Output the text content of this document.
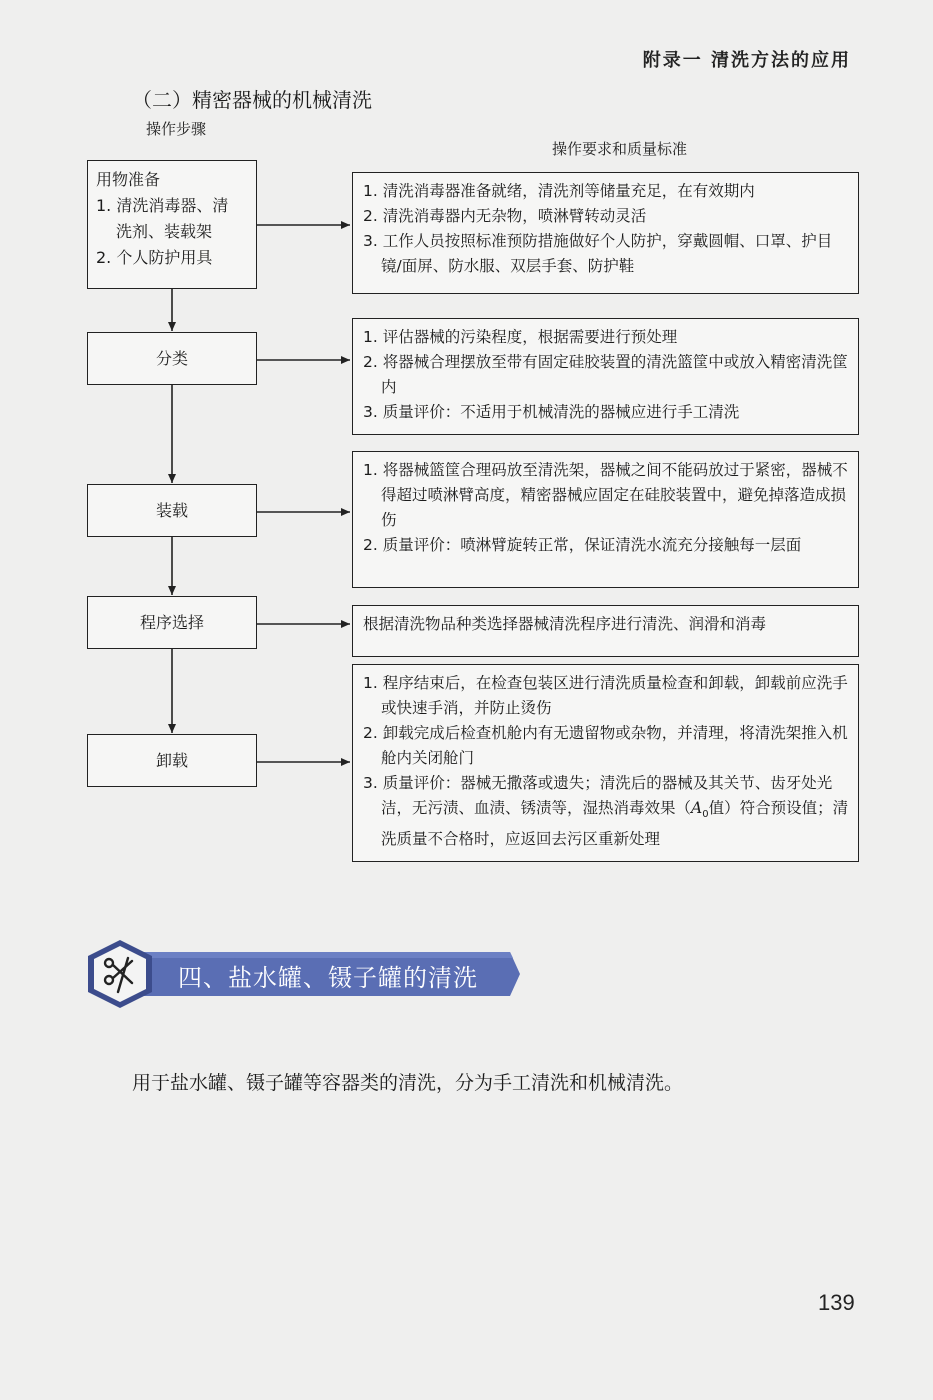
附录一 清洗方法的应用
（二）精密器械的机械清洗
操作步骤
操作要求和质量标准
用物准备
1. 清洗消毒器、清
洗剂、装载架
2. 个人防护用具
分类
装载
程序选择
卸载
1. 清洗消毒器准备就绪，清洗剂等储量充足，在有效期内
2. 清洗消毒器内无杂物，喷淋臂转动灵活
3. 工作人员按照标准预防措施做好个人防护，穿戴圆帽、口罩、护目镜/面屏、防水服、双层手套、防护鞋
1. 评估器械的污染程度，根据需要进行预处理
2. 将器械合理摆放至带有固定硅胶装置的清洗篮筐中或放入精密清洗筐内
3. 质量评价：不适用于机械清洗的器械应进行手工清洗
1. 将器械篮筐合理码放至清洗架，器械之间不能码放过于紧密，器械不得超过喷淋臂高度，精密器械应固定在硅胶装置中，避免掉落造成损伤
2. 质量评价：喷淋臂旋转正常，保证清洗水流充分接触每一层面
根据清洗物品种类选择器械清洗程序进行清洗、润滑和消毒
1. 程序结束后，在检查包装区进行清洗质量检查和卸载，卸载前应洗手或快速手消，并防止烫伤
2. 卸载完成后检查机舱内有无遗留物或杂物，并清理，将清洗架推入机舱内关闭舱门
3. 质量评价：器械无撒落或遗失；清洗后的器械及其关节、齿牙处光洁，无污渍、血渍、锈渍等，湿热消毒效果（$A_0$值）符合预设值；清洗质量不合格时，应返回去污区重新处理
四、盐水罐、镊子罐的清洗
用于盐水罐、镊子罐等容器类的清洗，分为手工清洗和机械清洗。
139
